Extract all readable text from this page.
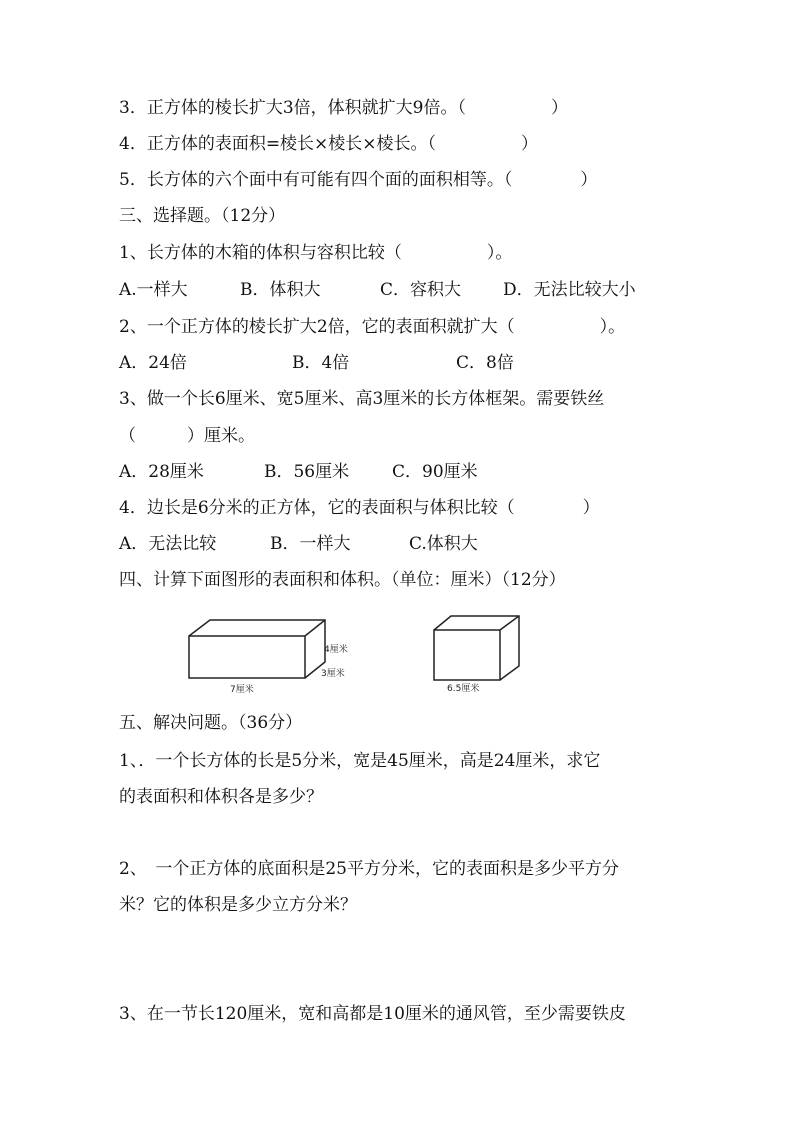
3．正方体的棱长扩大3倍，体积就扩大9倍。（　　　　　）
4．正方体的表面积=棱长×棱长×棱长。（　　　　　）
5．长方体的六个面中有可能有四个面的面积相等。（　　　　）
三、选择题。（12分）
1、长方体的木箱的体积与容积比较（　　　　　）。
A.一样大	B．体积大	C．容积大 D．无法比较大小
2、一个正方体的棱长扩大2倍，它的表面积就扩大（　　　　　）。
A．24倍	B．4倍	C．8倍
3、做一个长6厘米、宽5厘米、高3厘米的长方体框架。需要铁丝
（　　　）厘米。
A．28厘米	B．56厘米	C．90厘米
4．边长是6分米的正方体，它的表面积与体积比较（　　　　）
A．无法比较	B．一样大	C.体积大
四、计算下面图形的表面积和体积。（单位：厘米）（12分）
4厘米
3厘米
7厘米	6.5厘米
五、解决问题。（36分）
1、．一个长方体的长是5分米，宽是45厘米，高是24厘米，求它
的表面积和体积各是多少？
2、　一个正方体的底面积是25平方分米，它的表面积是多少平方分
米？它的体积是多少立方分米？
3、在一节长120厘米，宽和高都是10厘米的通风管，至少需要铁皮
